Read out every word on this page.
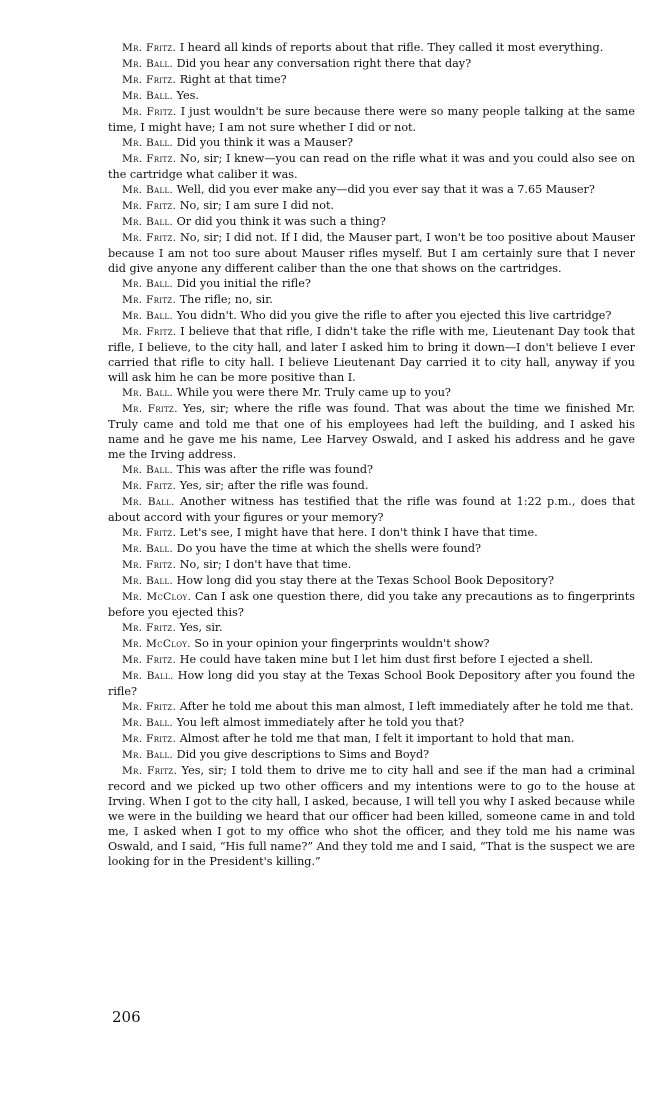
Mr. Fritz. I heard all kinds of reports about that rifle. They called it most everything.

Mr. Ball. Did you hear any conversation right there that day?

Mr. Fritz. Right at that time?

Mr. Ball. Yes.

Mr. Fritz. I just wouldn't be sure because there were so many people talking at the same time, I might have; I am not sure whether I did or not.

Mr. Ball. Did you think it was a Mauser?

Mr. Fritz. No, sir; I knew—you can read on the rifle what it was and you could also see on the cartridge what caliber it was.

Mr. Ball. Well, did you ever make any—did you ever say that it was a 7.65 Mauser?

Mr. Fritz. No, sir; I am sure I did not.

Mr. Ball. Or did you think it was such a thing?

Mr. Fritz. No, sir; I did not. If I did, the Mauser part, I won't be too positive about Mauser because I am not too sure about Mauser rifles myself. But I am certainly sure that I never did give anyone any different caliber than the one that shows on the cartridges.

Mr. Ball. Did you initial the rifle?

Mr. Fritz. The rifle; no, sir.

Mr. Ball. You didn't. Who did you give the rifle to after you ejected this live cartridge?

Mr. Fritz. I believe that that rifle, I didn't take the rifle with me, Lieutenant Day took that rifle, I believe, to the city hall, and later I asked him to bring it down—I don't believe I ever carried that rifle to city hall. I believe Lieutenant Day carried it to city hall, anyway if you will ask him he can be more positive than I.

Mr. Ball. While you were there Mr. Truly came up to you?

Mr. Fritz. Yes, sir; where the rifle was found. That was about the time we finished Mr. Truly came and told me that one of his employees had left the building, and I asked his name and he gave me his name, Lee Harvey Oswald, and I asked his address and he gave me the Irving address.

Mr. Ball. This was after the rifle was found?

Mr. Fritz. Yes, sir; after the rifle was found.

Mr. Ball. Another witness has testified that the rifle was found at 1:22 p.m., does that about accord with your figures or your memory?

Mr. Fritz. Let's see, I might have that here. I don't think I have that time.

Mr. Ball. Do you have the time at which the shells were found?

Mr. Fritz. No, sir; I don't have that time.

Mr. Ball. How long did you stay there at the Texas School Book Depository?

Mr. McCloy. Can I ask one question there, did you take any precautions as to fingerprints before you ejected this?

Mr. Fritz. Yes, sir.

Mr. McCloy. So in your opinion your fingerprints wouldn't show?

Mr. Fritz. He could have taken mine but I let him dust first before I ejected a shell.

Mr. Ball. How long did you stay at the Texas School Book Depository after you found the rifle?

Mr. Fritz. After he told me about this man almost, I left immediately after he told me that.

Mr. Ball. You left almost immediately after he told you that?

Mr. Fritz. Almost after he told me that man, I felt it important to hold that man.

Mr. Ball. Did you give descriptions to Sims and Boyd?

Mr. Fritz. Yes, sir; I told them to drive me to city hall and see if the man had a criminal record and we picked up two other officers and my intentions were to go to the house at Irving. When I got to the city hall, I asked, because, I will tell you why I asked because while we were in the building we heard that our officer had been killed, someone came in and told me, I asked when I got to my office who shot the officer, and they told me his name was Oswald, and I said, “His full name?” And they told me and I said, “That is the suspect we are looking for in the President's killing.”

206
